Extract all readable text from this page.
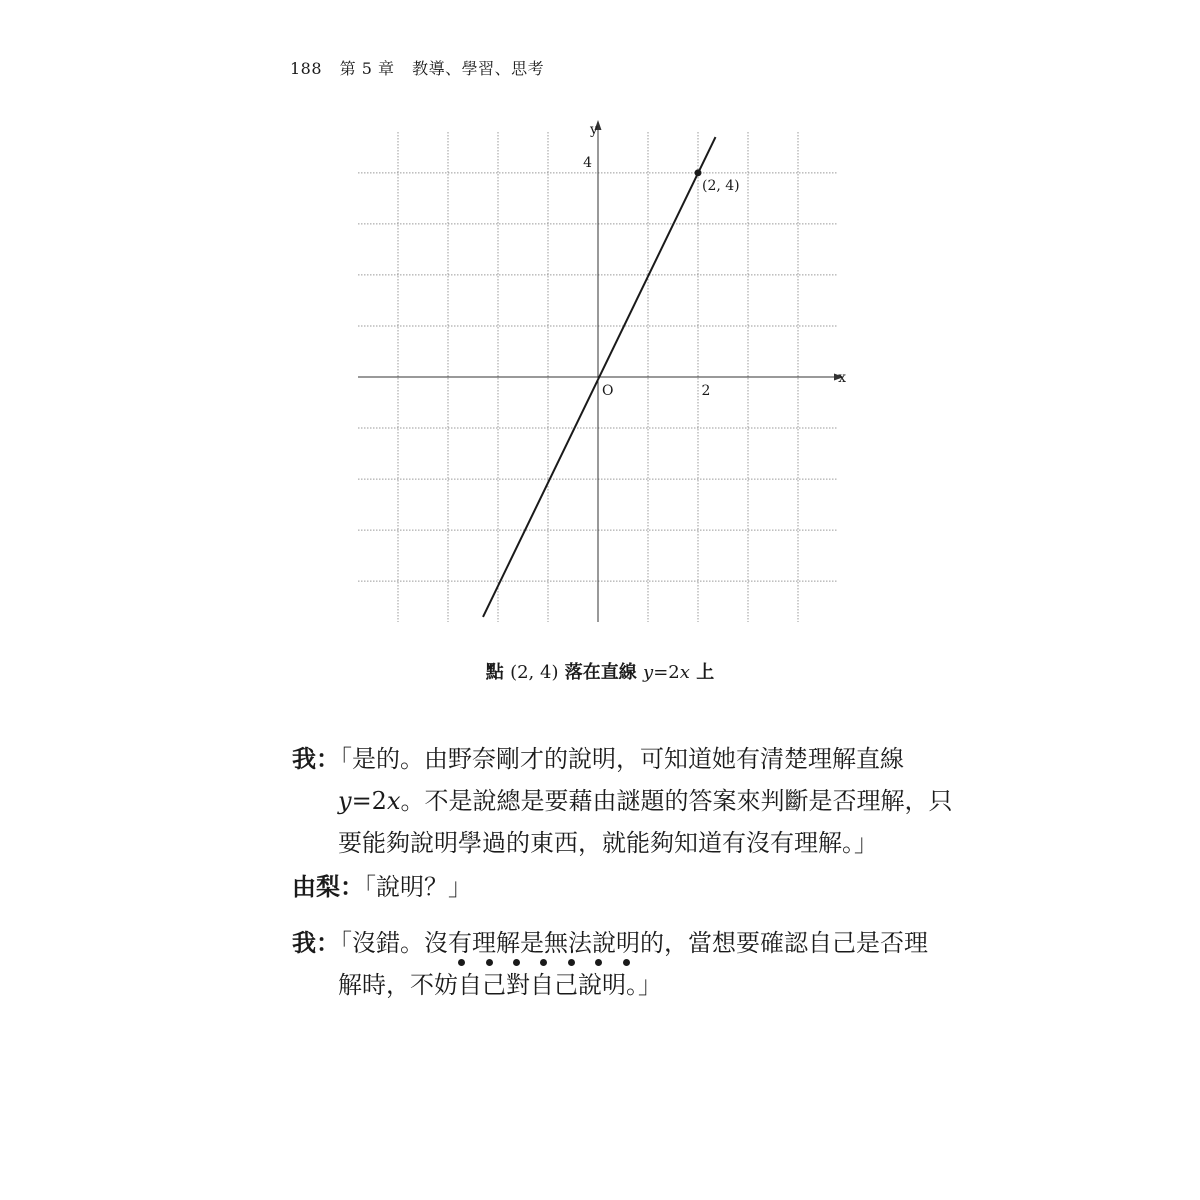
188 第 5 章 教導、學習、思考
x
y
O	2
4
(2, 4)
點 (2, 4) 落在直線 y=2x 上
我：「是的。由野奈剛才的說明，可知道她有清楚理解直線
y=2x。不是說總是要藉由謎題的答案來判斷是否理解，只
要能夠說明學過的東西，就能夠知道有沒有理解。」
由梨：「說明？」
我：「沒錯。沒有理解是無法說明
的，當想要確認自己是否理
解時，不妨自己對自己說明。」
